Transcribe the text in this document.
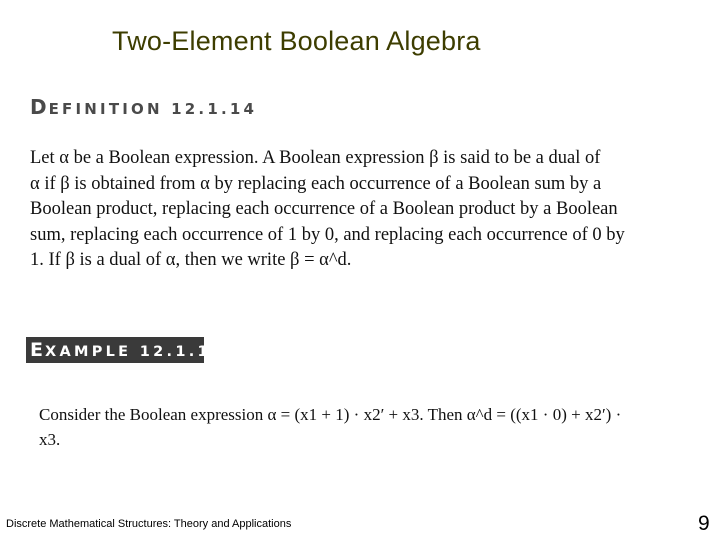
Two-Element Boolean Algebra
DEFINITION 12.1.14

Let α be a Boolean expression. A Boolean expression β is said to be a dual of

α if β is obtained from α by replacing each occurrence of a Boolean sum by a

Boolean product, replacing each occurrence of a Boolean product by a Boolean

sum, replacing each occurrence of 1 by 0, and replacing each occurrence of 0 by

1. If β is a dual of α, then we write β = α^d.

EXAMPLE 12.1.15

Consider the Boolean expression α = (x1 + 1) · x2′ + x3. Then α^d = ((x1 · 0) + x2′) ·

x3.

Discrete Mathematical Structures: Theory and Applications	9
